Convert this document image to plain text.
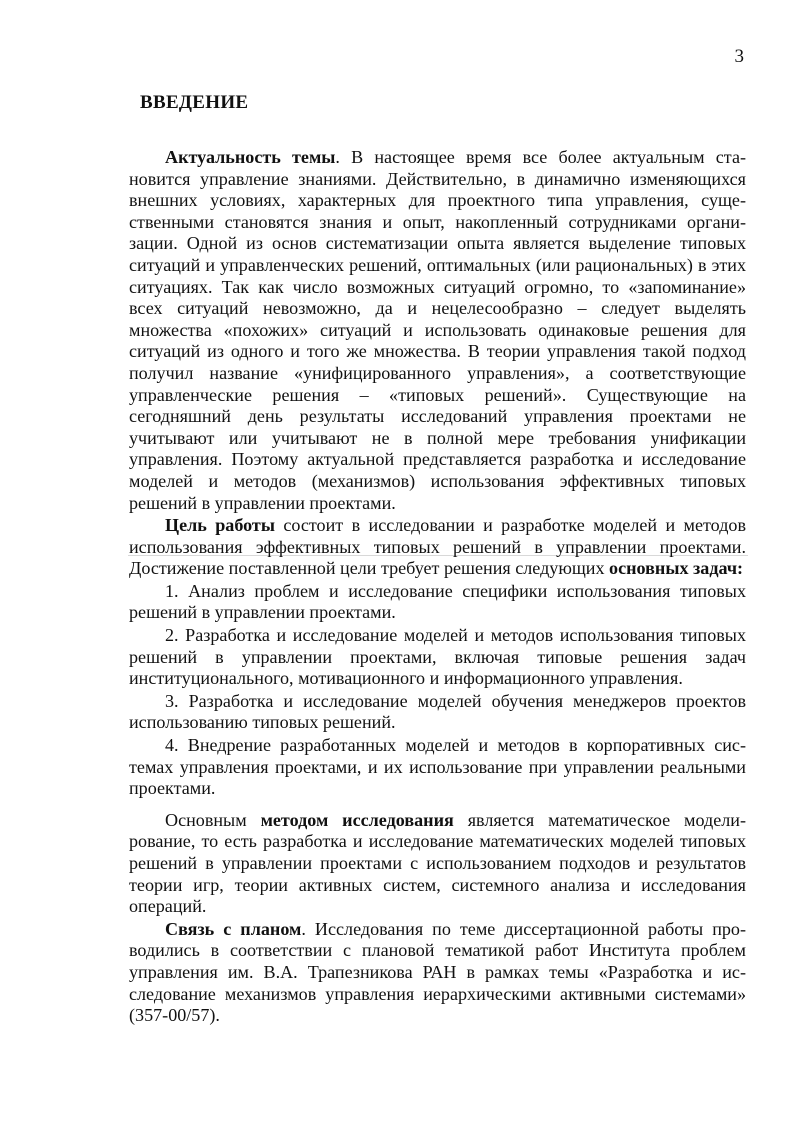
3
ВВЕДЕНИЕ

Актуальность темы. В настоящее время все более актуальным становится управление знаниями. Действительно, в динамично изменяющихся внешних условиях, характерных для проектного типа управления, существенными становятся знания и опыт, накопленный сотрудниками организации. Одной из основ систематизации опыта является выделение типовых ситуаций и управленческих решений, оптимальных (или рациональных) в этих ситуациях. Так как число возможных ситуаций огромно, то «запоминание» всех ситуаций невозможно, да и нецелесообразно – следует выделять множества «похожих» ситуаций и использовать одинаковые решения для ситуаций из одного и того же множества. В теории управления такой подход получил название «унифицированного управления», а соответствующие управленческие решения – «типовых решений». Существующие на сегодняшний день результаты исследований управления проектами не учитывают или учитывают не в полной мере требования унификации управления. Поэтому актуальной представляется разработка и исследование моделей и методов (механизмов) использования эффективных типовых решений в управлении проектами.

Цель работы состоит в исследовании и разработке моделей и методов использования эффективных типовых решений в управлении проектами. Достижение поставленной цели требует решения следующих основных задач:

1. Анализ проблем и исследование специфики использования типовых решений в управлении проектами.

2. Разработка и исследование моделей и методов использования типовых решений в управлении проектами, включая типовые решения задач институционального, мотивационного и информационного управления.

3. Разработка и исследование моделей обучения менеджеров проектов использованию типовых решений.

4. Внедрение разработанных моделей и методов в корпоративных системах управления проектами, и их использование при управлении реальными проектами.

Основным методом исследования является математическое моделирование, то есть разработка и исследование математических моделей типовых решений в управлении проектами с использованием подходов и результатов теории игр, теории активных систем, системного анализа и исследования операций.

Связь с планом. Исследования по теме диссертационной работы проводились в соответствии с плановой тематикой работ Института проблем управления им. В.А. Трапезникова РАН в рамках темы «Разработка и исследование механизмов управления иерархическими активными системами» (357-00/57).
